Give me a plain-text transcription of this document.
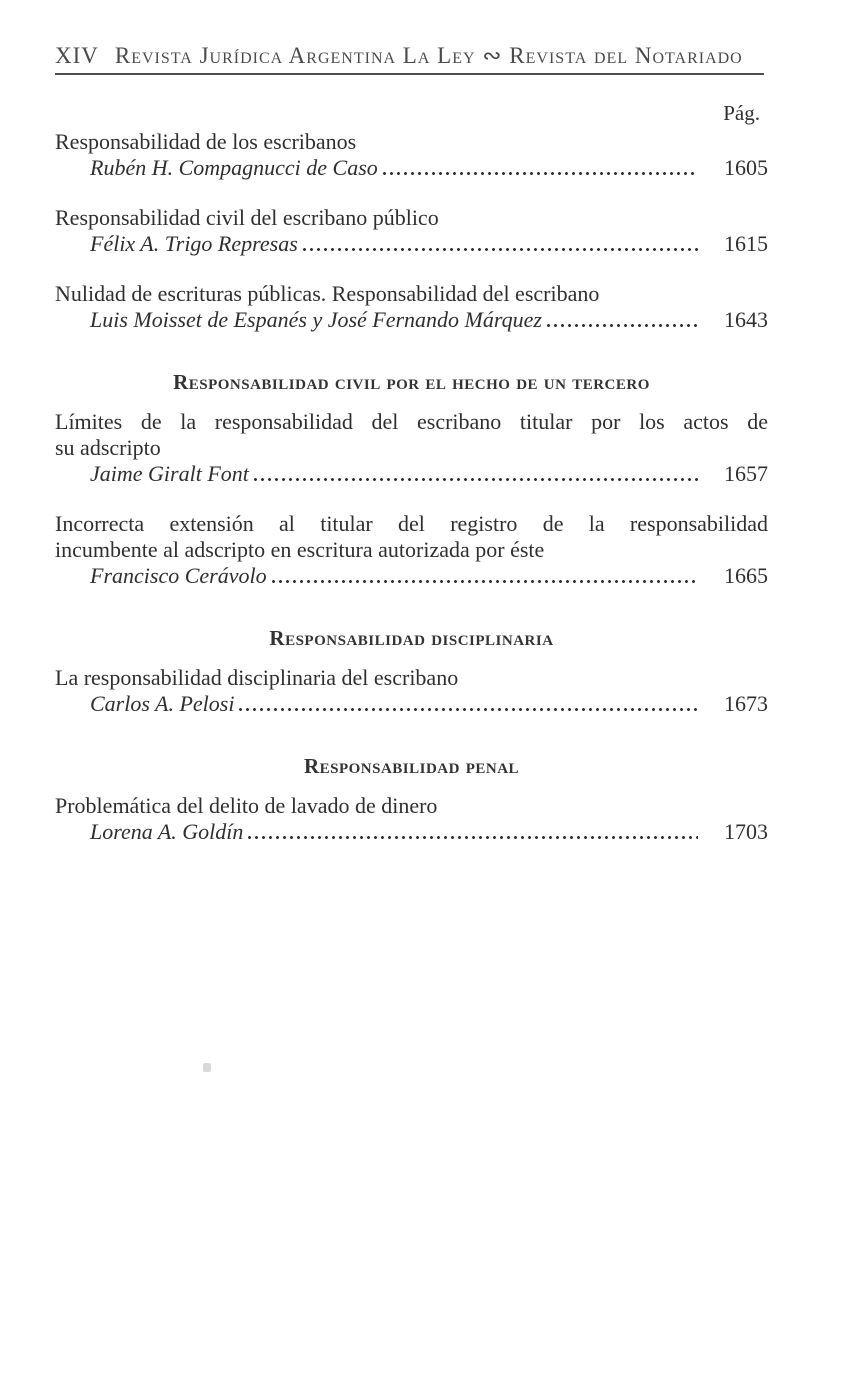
XIV Revista Jurídica Argentina La Ley ∾ Revista del Notariado
Pág.
Responsabilidad de los escribanos
Rubén H. Compagnucci de Caso	1605
Responsabilidad civil del escribano público
Félix A. Trigo Represas	1615
Nulidad de escrituras públicas. Responsabilidad del escribano
Luis Moisset de Espanés y José Fernando Márquez	1643
Responsabilidad civil por el hecho de un tercero
Límites de la responsabilidad del escribano titular por los actos de
su adscripto
Jaime Giralt Font	1657
Incorrecta extensión al titular del registro de la responsabilidad
incumbente al adscripto en escritura autorizada por éste
Francisco Cerávolo	1665
Responsabilidad disciplinaria
La responsabilidad disciplinaria del escribano
Carlos A. Pelosi	1673
Responsabilidad penal
Problemática del delito de lavado de dinero
Lorena A. Goldín	1703
